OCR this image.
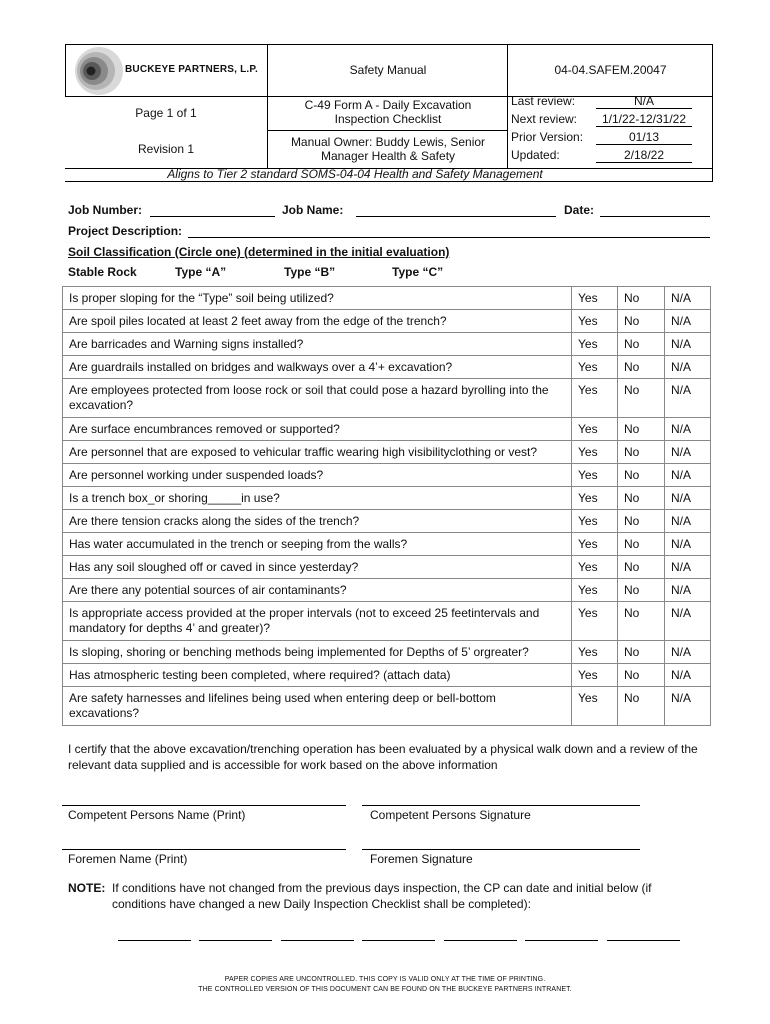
BUCKEYE PARTNERS, L.P.	Safety Manual	04-04.SAFEM.20047
Page 1 of 1
C-49 Form A - Daily Excavation
Inspection Checklist
Revision 1	Manual Owner: Buddy Lewis, Senior
Manager Health & Safety
Last review:	N/A
Next review:	1/1/22-12/31/22
Prior Version:	01/13
Updated:	2/18/22
Aligns to Tier 2 standard SOMS-04-04 Health and Safety Management
Job Number:	Job Name:	Date:
Project Description:
Soil Classification (Circle one) (determined in the initial evaluation)
Stable Rock	Type “A”	Type “B”	Type “C”
Is proper sloping for the “Type” soil being utilized?	Yes	No	N/A
Are spoil piles located at least 2 feet away from the edge of the trench?	Yes	No	N/A
Are barricades and Warning signs installed?	Yes	No	N/A
Are guardrails installed on bridges and walkways over a 4’+ excavation?	Yes	No	N/A
Are employees protected from loose rock or soil that could pose a hazard byrolling into the excavation?
Yes	No	N/A
Are surface encumbrances removed or supported?	Yes	No	N/A
Are personnel that are exposed to vehicular traffic wearing high visibilityclothing or vest?	Yes	No	N/A
Are personnel working under suspended loads?	Yes	No	N/A
Is a trench box_or shoring_____in use?	Yes	No	N/A
Are there tension cracks along the sides of the trench?	Yes	No	N/A
Has water accumulated in the trench or seeping from the walls?	Yes	No	N/A
Has any soil sloughed off or caved in since yesterday?	Yes	No	N/A
Are there any potential sources of air contaminants?	Yes	No	N/A
Is appropriate access provided at the proper intervals (not to exceed 25 feetintervals and mandatory for depths 4’ and greater)?
Yes	No	N/A
Is sloping, shoring or benching methods being implemented for Depths of 5’ orgreater?	Yes	No	N/A
Has atmospheric testing been completed, where required? (attach data)	Yes	No	N/A
Are safety harnesses and lifelines being used when entering deep or bell-bottom excavations?
Yes	No	N/A
I certify that the above excavation/trenching operation has been evaluated by a physical walk down and a review of the relevant data supplied and is accessible for work based on the above information
Competent Persons Name (Print)	Competent Persons Signature
Foremen Name (Print)	Foremen Signature
NOTE: If conditions have not changed from the previous days inspection, the CP can date and initial below (if conditions have changed a new Daily Inspection Checklist shall be completed):
PAPER COPIES ARE UNCONTROLLED. THIS COPY IS VALID ONLY AT THE TIME OF PRINTING.
THE CONTROLLED VERSION OF THIS DOCUMENT CAN BE FOUND ON THE BUCKEYE PARTNERS INTRANET.
